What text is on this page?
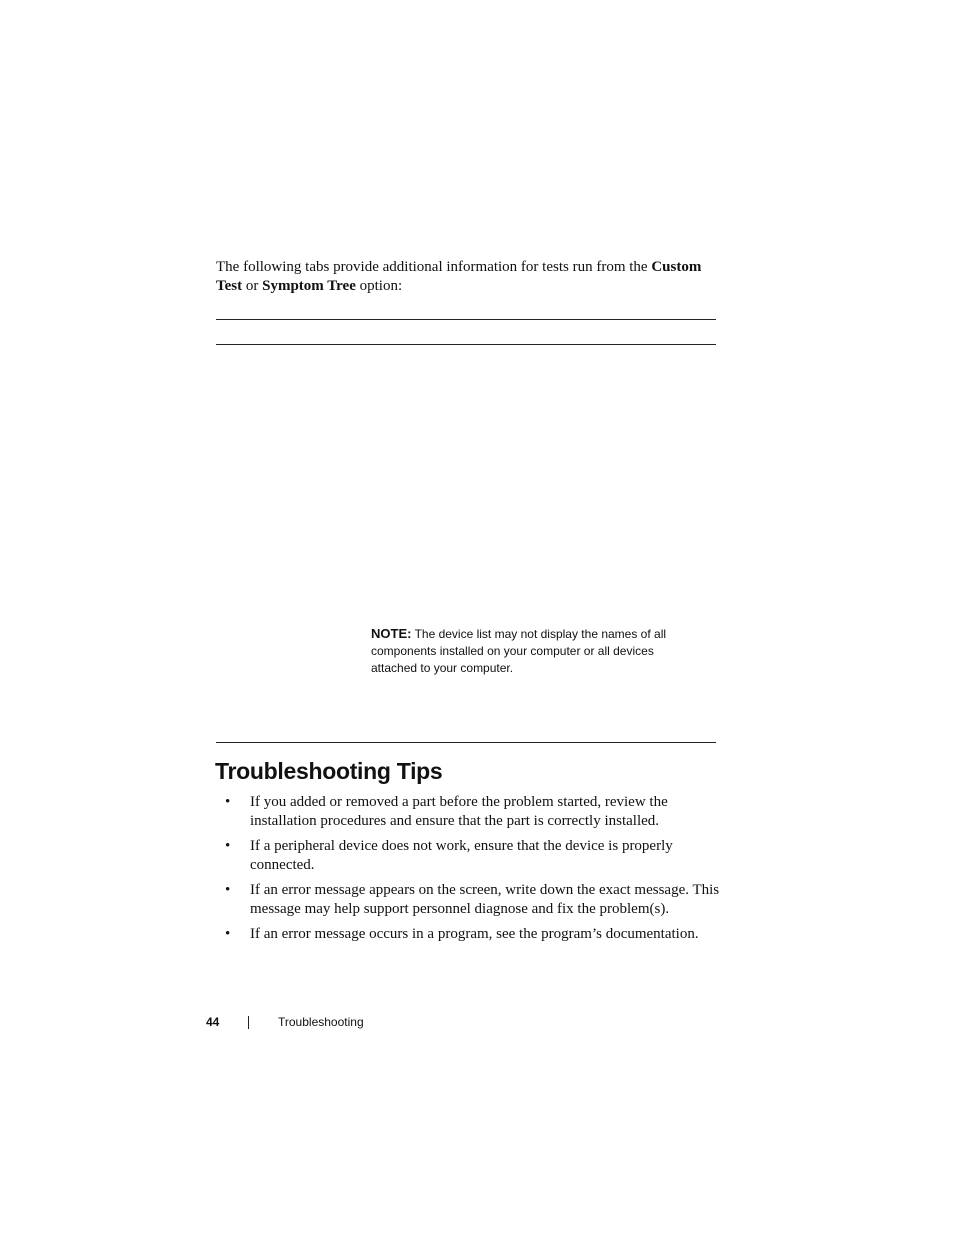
The following tabs provide additional information for tests run from the Custom Test or Symptom Tree option:

NOTE: The device list may not display the names of all components installed on your computer or all devices attached to your computer.

Troubleshooting Tips
• If you added or removed a part before the problem started, review the installation procedures and ensure that the part is correctly installed.
• If a peripheral device does not work, ensure that the device is properly connected.
• If an error message appears on the screen, write down the exact message. This message may help support personnel diagnose and fix the problem(s).
• If an error message occurs in a program, see the program’s documentation.
44	Troubleshooting
